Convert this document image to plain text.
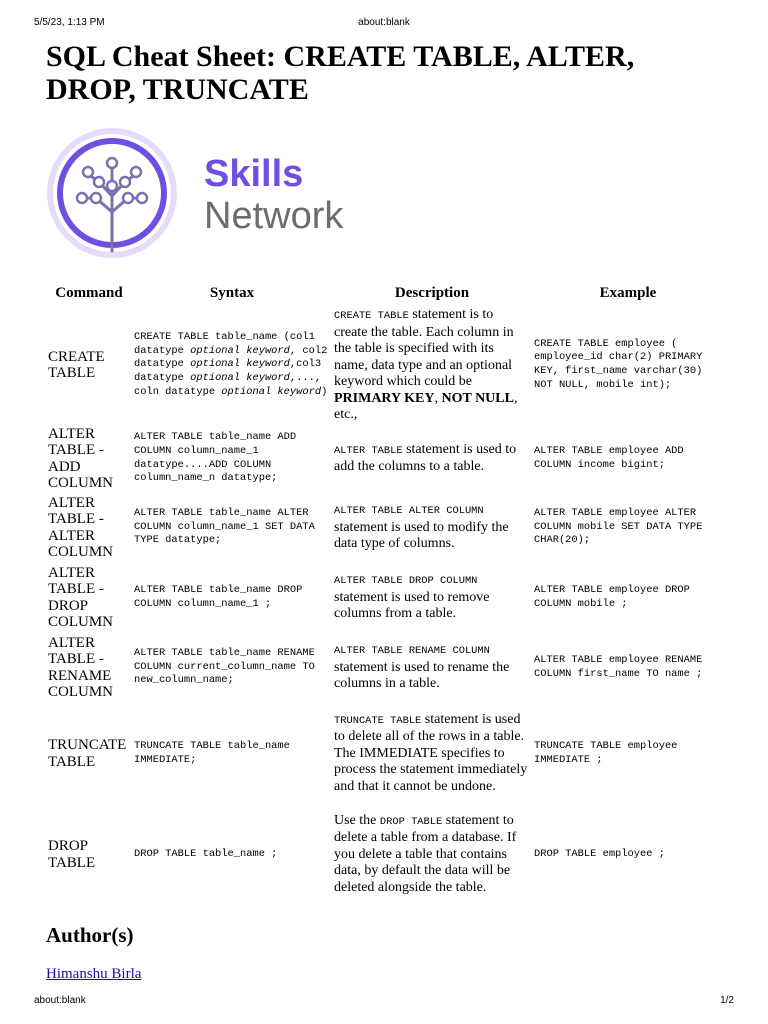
5/5/23, 1:13 PM	about:blank
SQL Cheat Sheet: CREATE TABLE, ALTER, DROP, TRUNCATE
Skills
Network
Command	Syntax	Description	Example
CREATE TABLE	CREATE TABLE table_name (col1 datatype optional keyword, col2 datatype optional keyword,col3 datatype optional keyword,..., coln datatype optional keyword)	CREATE TABLE statement is to create the table. Each column in the table is specified with its name, data type and an optional keyword which could be PRIMARY KEY, NOT NULL, etc.,	CREATE TABLE employee ( employee_id char(2) PRIMARY KEY, first_name varchar(30) NOT NULL, mobile int);
ALTER TABLE - ADD COLUMN	ALTER TABLE table_name ADD COLUMN column_name_1 datatype....ADD COLUMN column_name_n datatype;	ALTER TABLE statement is used to add the columns to a table.	ALTER TABLE employee ADD COLUMN income bigint;
ALTER TABLE - ALTER COLUMN	ALTER TABLE table_name ALTER COLUMN column_name_1 SET DATA TYPE datatype;	ALTER TABLE ALTER COLUMN statement is used to modify the data type of columns.	ALTER TABLE employee ALTER COLUMN mobile SET DATA TYPE CHAR(20);
ALTER TABLE - DROP COLUMN	ALTER TABLE table_name DROP COLUMN column_name_1 ;	ALTER TABLE DROP COLUMN statement is used to remove columns from a table.	ALTER TABLE employee DROP COLUMN mobile ;
ALTER TABLE - RENAME COLUMN	ALTER TABLE table_name RENAME COLUMN current_column_name TO new_column_name;	ALTER TABLE RENAME COLUMN statement is used to rename the columns in a table.	ALTER TABLE employee RENAME COLUMN first_name TO name ;
TRUNCATE TABLE	TRUNCATE TABLE table_name IMMEDIATE;	TRUNCATE TABLE statement is used to delete all of the rows in a table. The IMMEDIATE specifies to process the statement immediately and that it cannot be undone.	TRUNCATE TABLE employee IMMEDIATE ;
DROP TABLE	DROP TABLE table_name ;	Use the DROP TABLE statement to delete a table from a database. If you delete a table that contains data, by default the data will be deleted alongside the table.	DROP TABLE employee ;
Author(s)
Himanshu Birla
about:blank	1/2
